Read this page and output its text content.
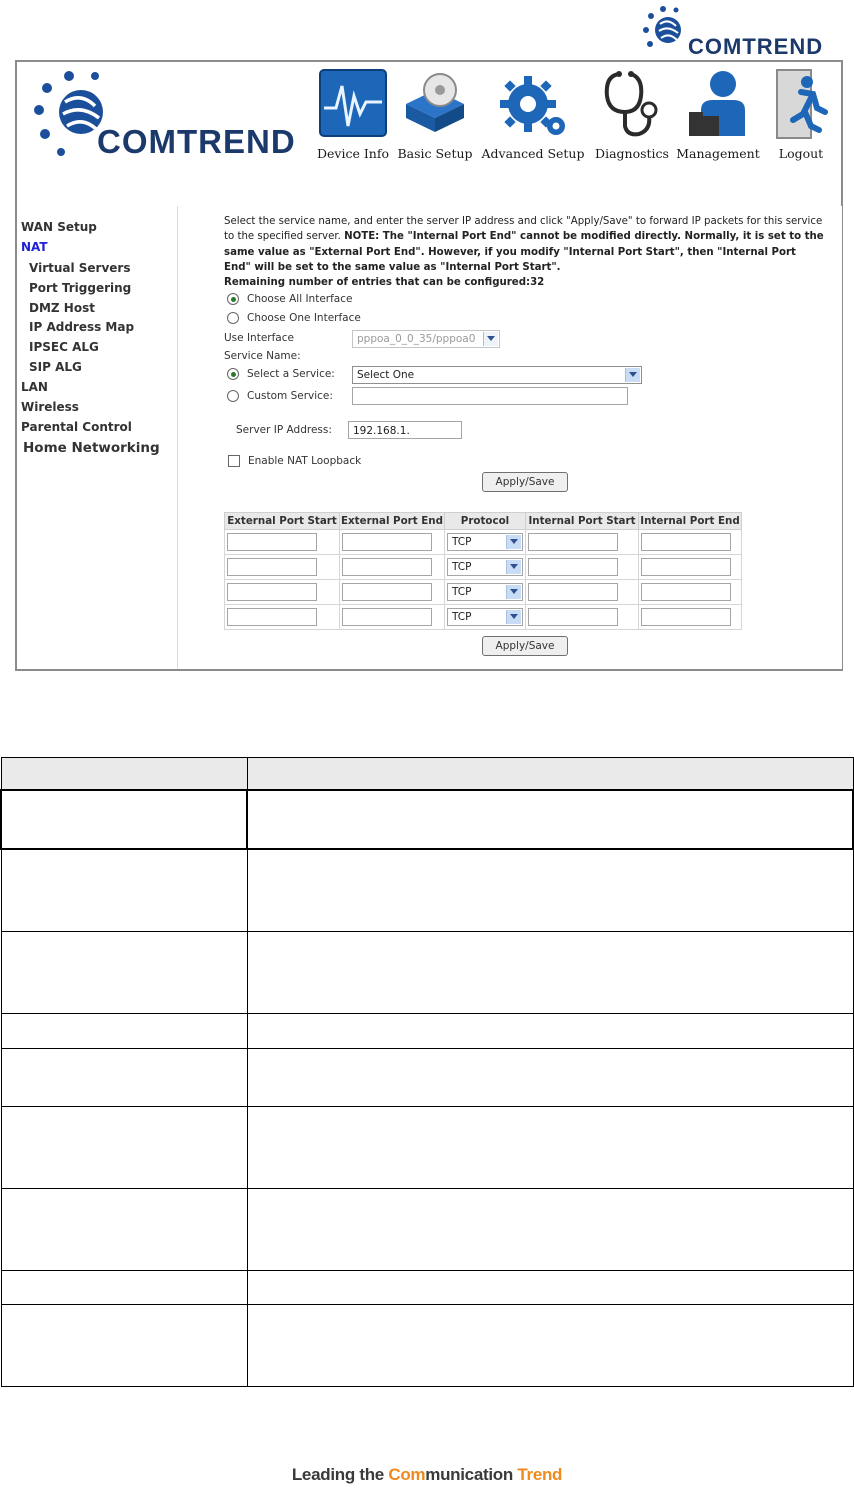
COMTREND
COMTREND	Device Info Basic Setup Advanced Setup Diagnostics Management	Logout
WAN Setup
NAT
Virtual Servers
Port Triggering
DMZ Host
IP Address Map
IPSEC ALG
SIP ALG
LAN
Wireless
Parental Control
Home Networking
Select the service name, and enter the server IP address and click "Apply/Save" to forward IP packets for this service to the specified server. NOTE: The "Internal Port End" cannot be modified directly. Normally, it is set to the same value as "External Port End". However, if you modify "Internal Port Start", then "Internal Port End" will be set to the same value as "Internal Port Start".
Remaining number of entries that can be configured:32
Choose All Interface
Choose One Interface
Use Interface	pppoa_0_0_35/pppoa0
Service Name:
Select a Service:	Select One
Custom Service:
Server IP Address:	192.168.1.
Enable NAT Loopback
Apply/Save
External Port Start	External Port End	Protocol	Internal Port Start	Internal Port End

		TCP		

		TCP		

		TCP		

		TCP		

Apply/Save

Leading the Communication Trend
